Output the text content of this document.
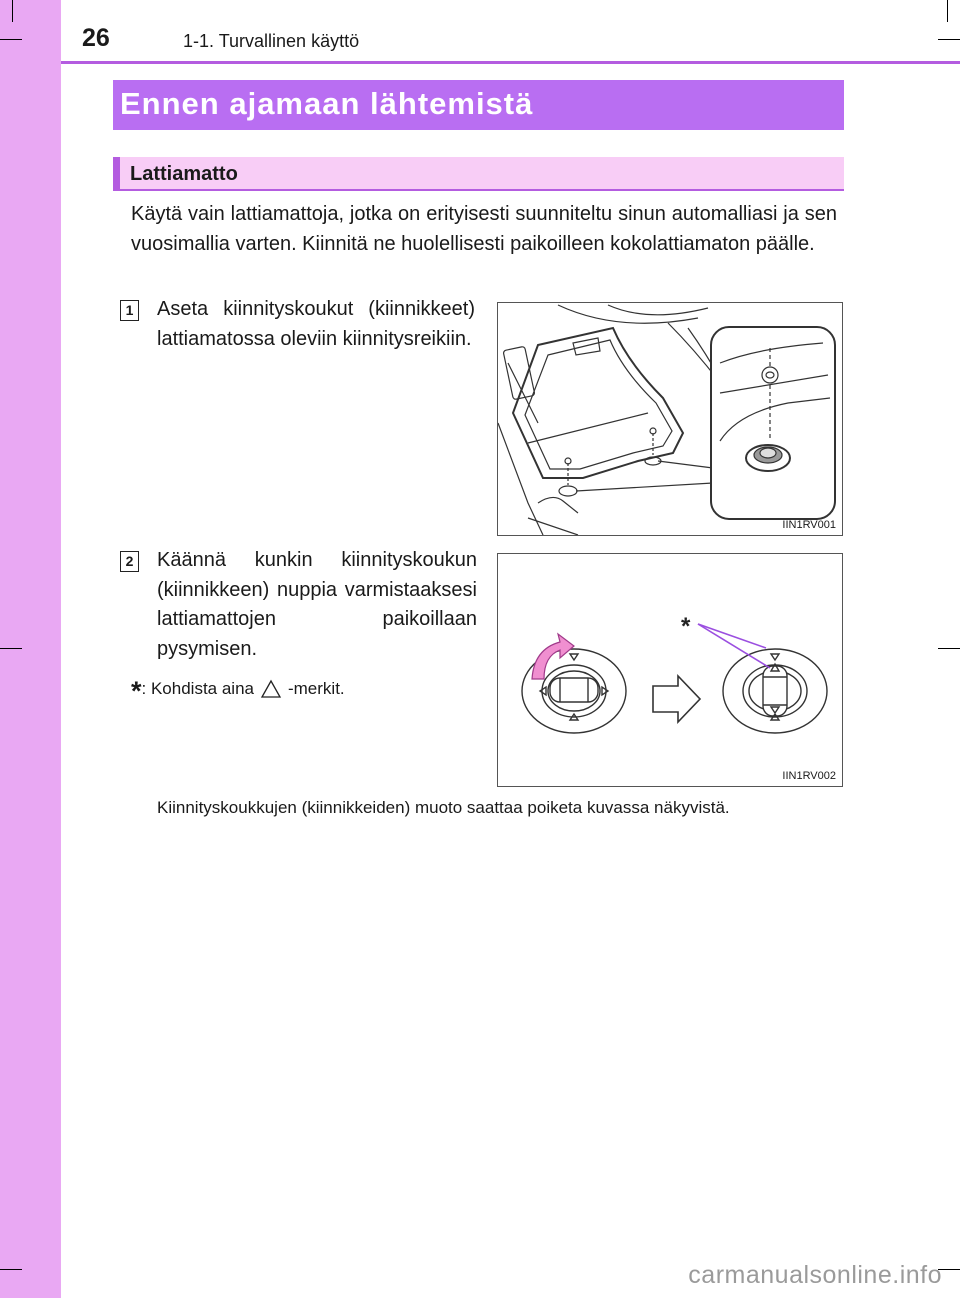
26	1-1. Turvallinen käyttö
Ennen ajamaan lähtemistä
Lattiamatto
Käytä vain lattiamattoja, jotka on erityisesti suunniteltu sinun automalliasi ja sen vuosimallia varten. Kiinnitä ne huolellisesti paikoilleen kokolattiamaton päälle.
1 Aseta kiinnityskoukut (kiinnikkeet) lattiamatossa oleviin kiinnitysreikiin.
IIN1RV001
2 Käännä kunkin kiinnityskoukun (kiinnikkeen) nuppia varmistaaksesi lattiamattojen paikoillaan pysymisen.
* : Kohdista aina -merkit.
*
IIN1RV002
Kiinnityskoukkujen (kiinnikkeiden) muoto saattaa poiketa kuvassa näkyvistä.
carmanualsonline.info
